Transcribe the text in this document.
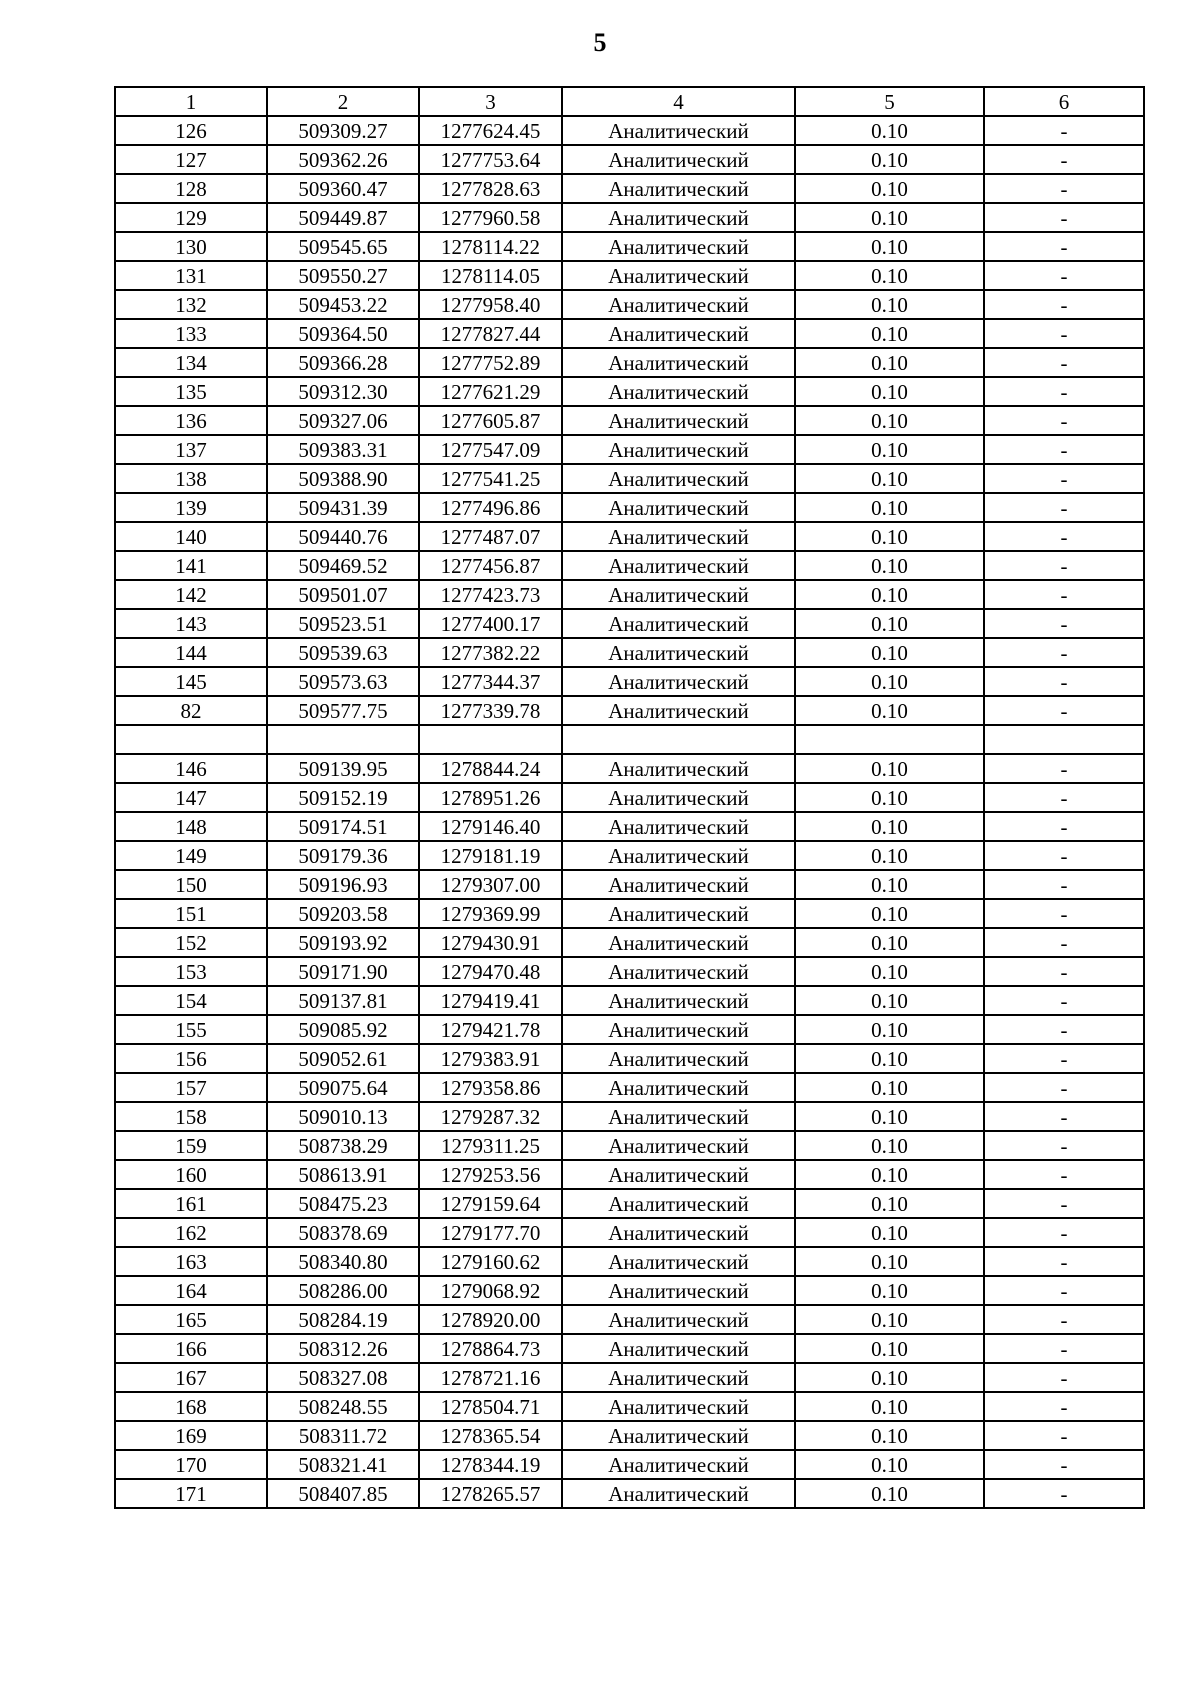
5
1	2	3	4	5	6
126	509309.27	1277624.45	Аналитический	0.10	-
127	509362.26	1277753.64	Аналитический	0.10	-
128	509360.47	1277828.63	Аналитический	0.10	-
129	509449.87	1277960.58	Аналитический	0.10	-
130	509545.65	1278114.22	Аналитический	0.10	-
131	509550.27	1278114.05	Аналитический	0.10	-
132	509453.22	1277958.40	Аналитический	0.10	-
133	509364.50	1277827.44	Аналитический	0.10	-
134	509366.28	1277752.89	Аналитический	0.10	-
135	509312.30	1277621.29	Аналитический	0.10	-
136	509327.06	1277605.87	Аналитический	0.10	-
137	509383.31	1277547.09	Аналитический	0.10	-
138	509388.90	1277541.25	Аналитический	0.10	-
139	509431.39	1277496.86	Аналитический	0.10	-
140	509440.76	1277487.07	Аналитический	0.10	-
141	509469.52	1277456.87	Аналитический	0.10	-
142	509501.07	1277423.73	Аналитический	0.10	-
143	509523.51	1277400.17	Аналитический	0.10	-
144	509539.63	1277382.22	Аналитический	0.10	-
145	509573.63	1277344.37	Аналитический	0.10	-
82	509577.75	1277339.78	Аналитический	0.10	-

146	509139.95	1278844.24	Аналитический	0.10	-
147	509152.19	1278951.26	Аналитический	0.10	-
148	509174.51	1279146.40	Аналитический	0.10	-
149	509179.36	1279181.19	Аналитический	0.10	-
150	509196.93	1279307.00	Аналитический	0.10	-
151	509203.58	1279369.99	Аналитический	0.10	-
152	509193.92	1279430.91	Аналитический	0.10	-
153	509171.90	1279470.48	Аналитический	0.10	-
154	509137.81	1279419.41	Аналитический	0.10	-
155	509085.92	1279421.78	Аналитический	0.10	-
156	509052.61	1279383.91	Аналитический	0.10	-
157	509075.64	1279358.86	Аналитический	0.10	-
158	509010.13	1279287.32	Аналитический	0.10	-
159	508738.29	1279311.25	Аналитический	0.10	-
160	508613.91	1279253.56	Аналитический	0.10	-
161	508475.23	1279159.64	Аналитический	0.10	-
162	508378.69	1279177.70	Аналитический	0.10	-
163	508340.80	1279160.62	Аналитический	0.10	-
164	508286.00	1279068.92	Аналитический	0.10	-
165	508284.19	1278920.00	Аналитический	0.10	-
166	508312.26	1278864.73	Аналитический	0.10	-
167	508327.08	1278721.16	Аналитический	0.10	-
168	508248.55	1278504.71	Аналитический	0.10	-
169	508311.72	1278365.54	Аналитический	0.10	-
170	508321.41	1278344.19	Аналитический	0.10	-
171	508407.85	1278265.57	Аналитический	0.10	-
